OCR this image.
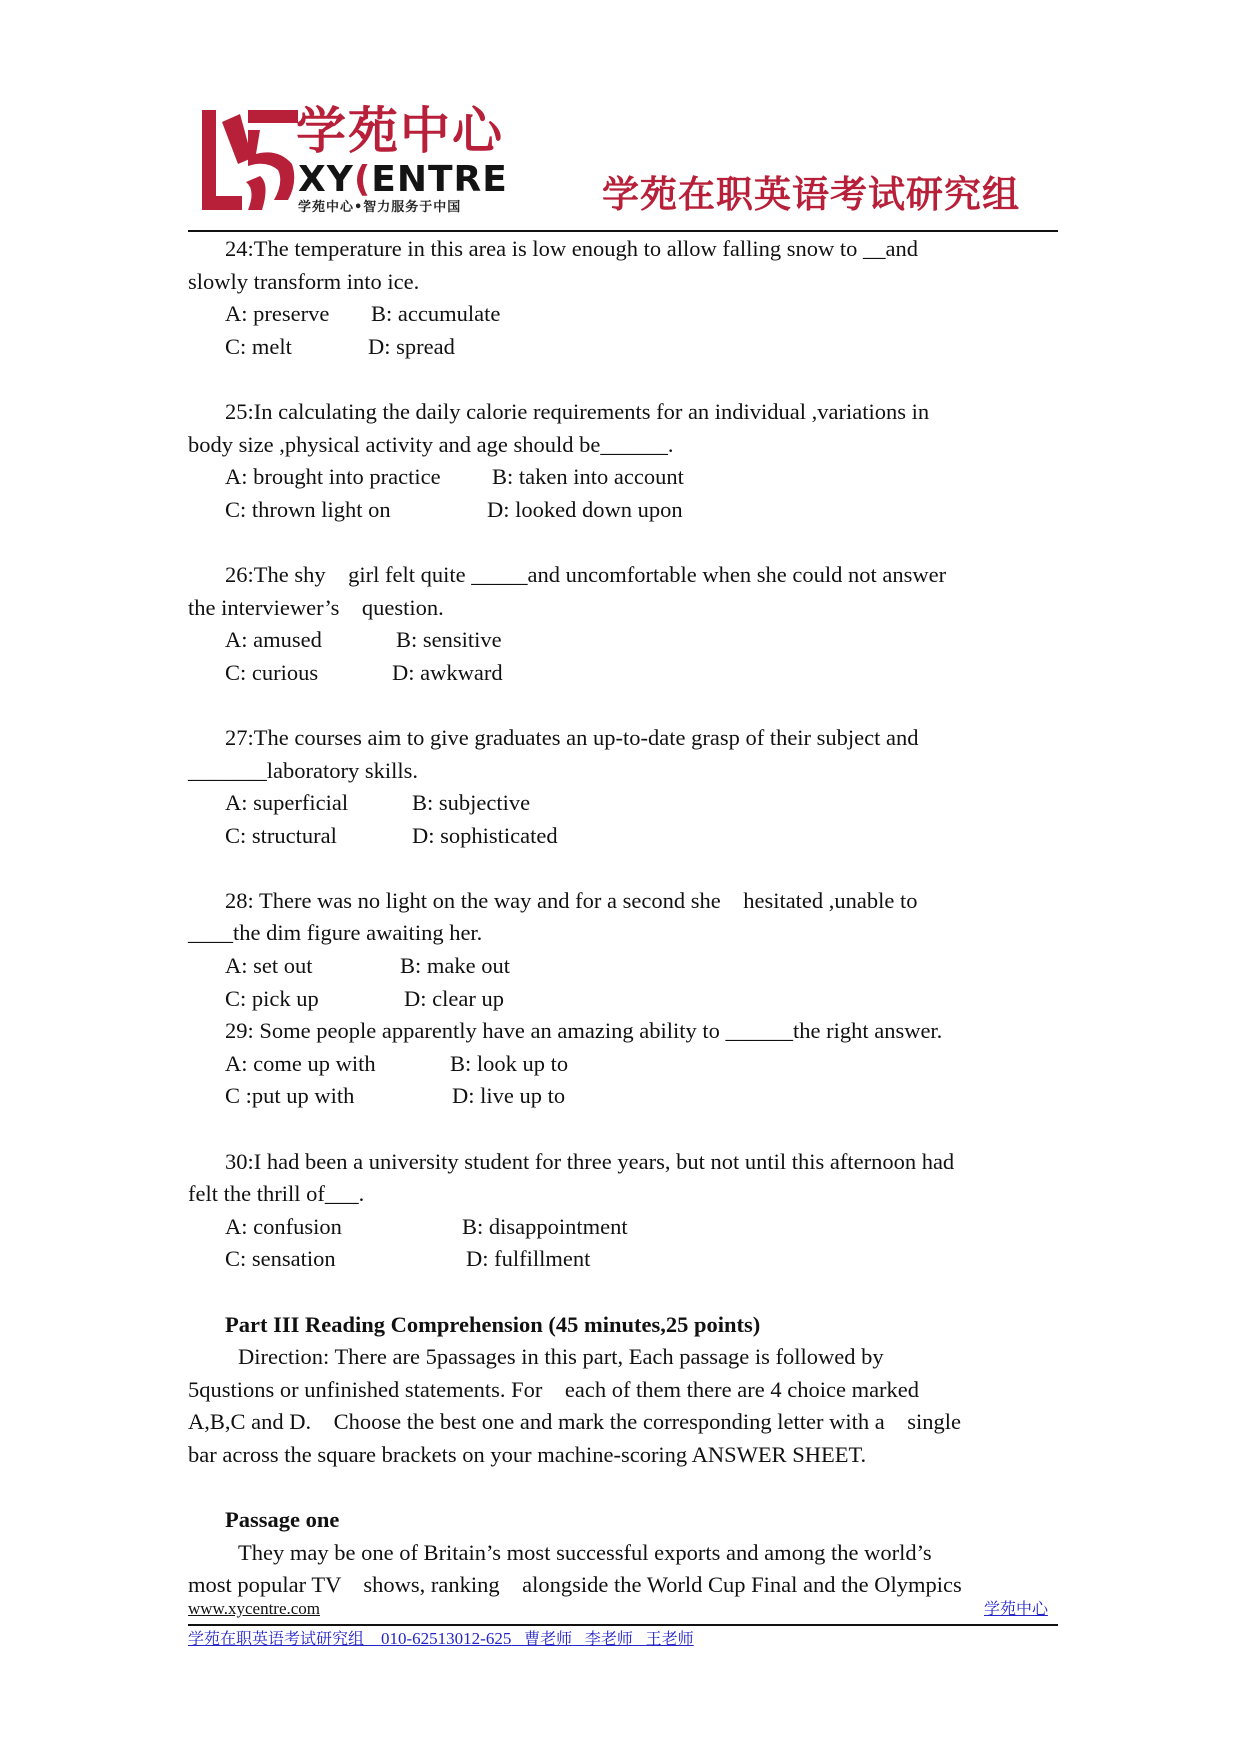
学苑中心
XY(ENTRE
学苑中心•智力服务于中国	学苑在职英语考试研究组
24:The temperature in this area is low enough to allow falling snow to __and
slowly transform into ice.
A: preserve B: accumulate
C: melt	D: spread
25:In calculating the daily calorie requirements for an individual ,variations in
body size ,physical activity and age should be______.
A: brought into practice B: taken into account
C: thrown light on	D: looked down upon
26:The shy    girl felt quite _____and uncomfortable when she could not answer
the interviewer’s    question.
A: amused	B: sensitive
C: curious	D: awkward
27:The courses aim to give graduates an up-to-date grasp of their subject and
_______laboratory skills.
A: superficial	B: subjective
C: structural	D: sophisticated
28: There was no light on the way and for a second she    hesitated ,unable to
____the dim figure awaiting her.
A: set out	B: make out
C: pick up	D: clear up
29: Some people apparently have an amazing ability to ______the right answer.
A: come up with	B: look up to
C :put up with	D: live up to
30:I had been a university student for three years, but not until this afternoon had
felt the thrill of___.
A: confusion	B: disappointment
C: sensation	D: fulfillment
Part III Reading Comprehension (45 minutes,25 points)
Direction: There are 5passages in this part, Each passage is followed by
5qustions or unfinished statements. For    each of them there are 4 choice marked
A,B,C and D.    Choose the best one and mark the corresponding letter with a    single
bar across the square brackets on your machine-scoring ANSWER SHEET.
Passage one
They may be one of Britain’s most successful exports and among the world’s
most popular TV    shows, ranking    alongside the World Cup Final and the Olympics
www.xycentre.com	学苑中心
学苑在职英语考试研究组 010-62513012-625 曹老师 李老师 王老师
